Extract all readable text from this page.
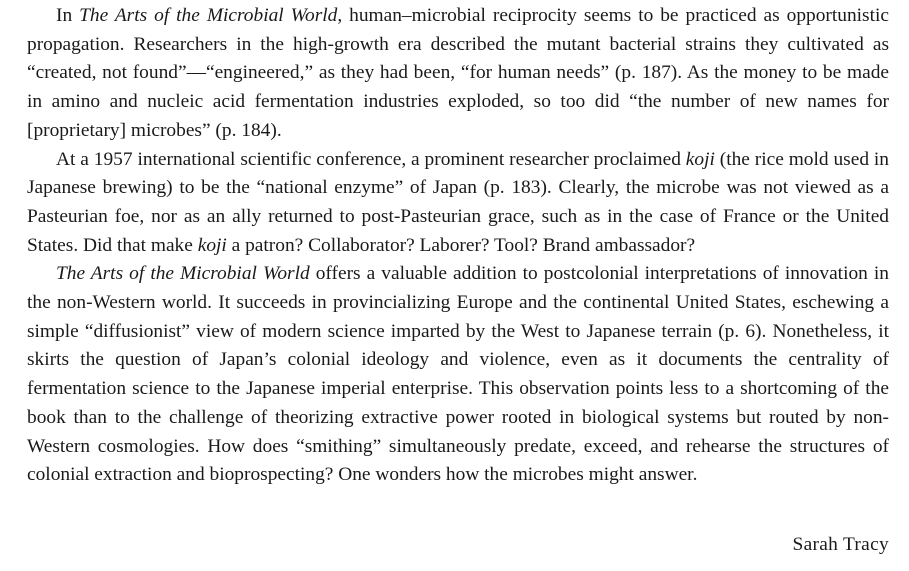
In The Arts of the Microbial World, human–microbial reciprocity seems to be practiced as opportunistic propagation. Researchers in the high-growth era described the mutant bacterial strains they cultivated as “created, not found”—“engineered,” as they had been, “for human needs” (p. 187). As the money to be made in amino and nucleic acid fermentation industries exploded, so too did “the number of new names for [proprietary] microbes” (p. 184).

At a 1957 international scientific conference, a prominent researcher proclaimed koji (the rice mold used in Japanese brewing) to be the “national enzyme” of Japan (p. 183). Clearly, the microbe was not viewed as a Pasteurian foe, nor as an ally returned to post-Pasteurian grace, such as in the case of France or the United States. Did that make koji a patron? Collaborator? Laborer? Tool? Brand ambassador?

The Arts of the Microbial World offers a valuable addition to postcolonial interpretations of innovation in the non-Western world. It succeeds in provincializing Europe and the continental United States, eschewing a simple “diffusionist” view of modern science imparted by the West to Japanese terrain (p. 6). Nonetheless, it skirts the question of Japan’s colonial ideology and violence, even as it documents the centrality of fermentation science to the Japanese imperial enterprise. This observation points less to a shortcoming of the book than to the challenge of theorizing extractive power rooted in biological systems but routed by non-Western cosmologies. How does “smithing” simultaneously predate, exceed, and rehearse the structures of colonial extraction and bioprospecting? One wonders how the microbes might answer.

Sarah Tracy
